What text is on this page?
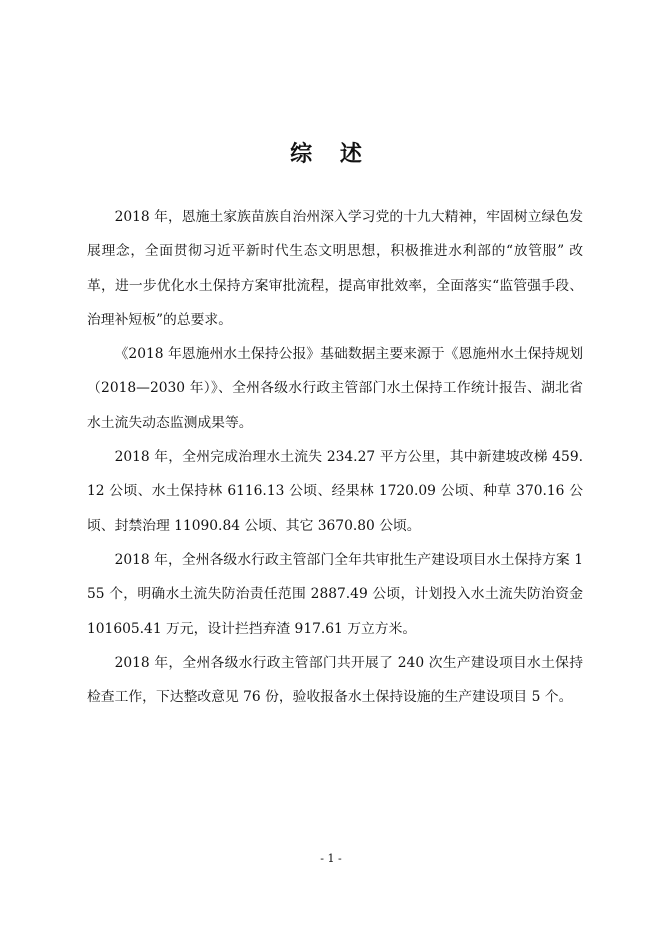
综 述

2018 年，恩施土家族苗族自治州深入学习党的十九大精神，牢固树立绿色发展理念，全面贯彻习近平新时代生态文明思想，积极推进水利部的“放管服” 改革，进一步优化水土保持方案审批流程，提高审批效率，全面落实“监管强手段、治理补短板”的总要求。

《2018 年恩施州水土保持公报》基础数据主要来源于《恩施州水土保持规划（2018—2030 年）》、全州各级水行政主管部门水土保持工作统计报告、湖北省水土流失动态监测成果等。

2018 年，全州完成治理水土流失 234.27 平方公里，其中新建坡改梯 459.12 公顷、水土保持林 6116.13 公顷、经果林 1720.09 公顷、种草 370.16 公顷、封禁治理 11090.84 公顷、其它 3670.80 公顷。

2018 年，全州各级水行政主管部门全年共审批生产建设项目水土保持方案 155 个，明确水土流失防治责任范围 2887.49 公顷，计划投入水土流失防治资金 101605.41 万元，设计拦挡弃渣 917.61 万立方米。

2018 年，全州各级水行政主管部门共开展了 240 次生产建设项目水土保持检查工作，下达整改意见 76 份，验收报备水土保持设施的生产建设项目 5 个。

- 1 -
